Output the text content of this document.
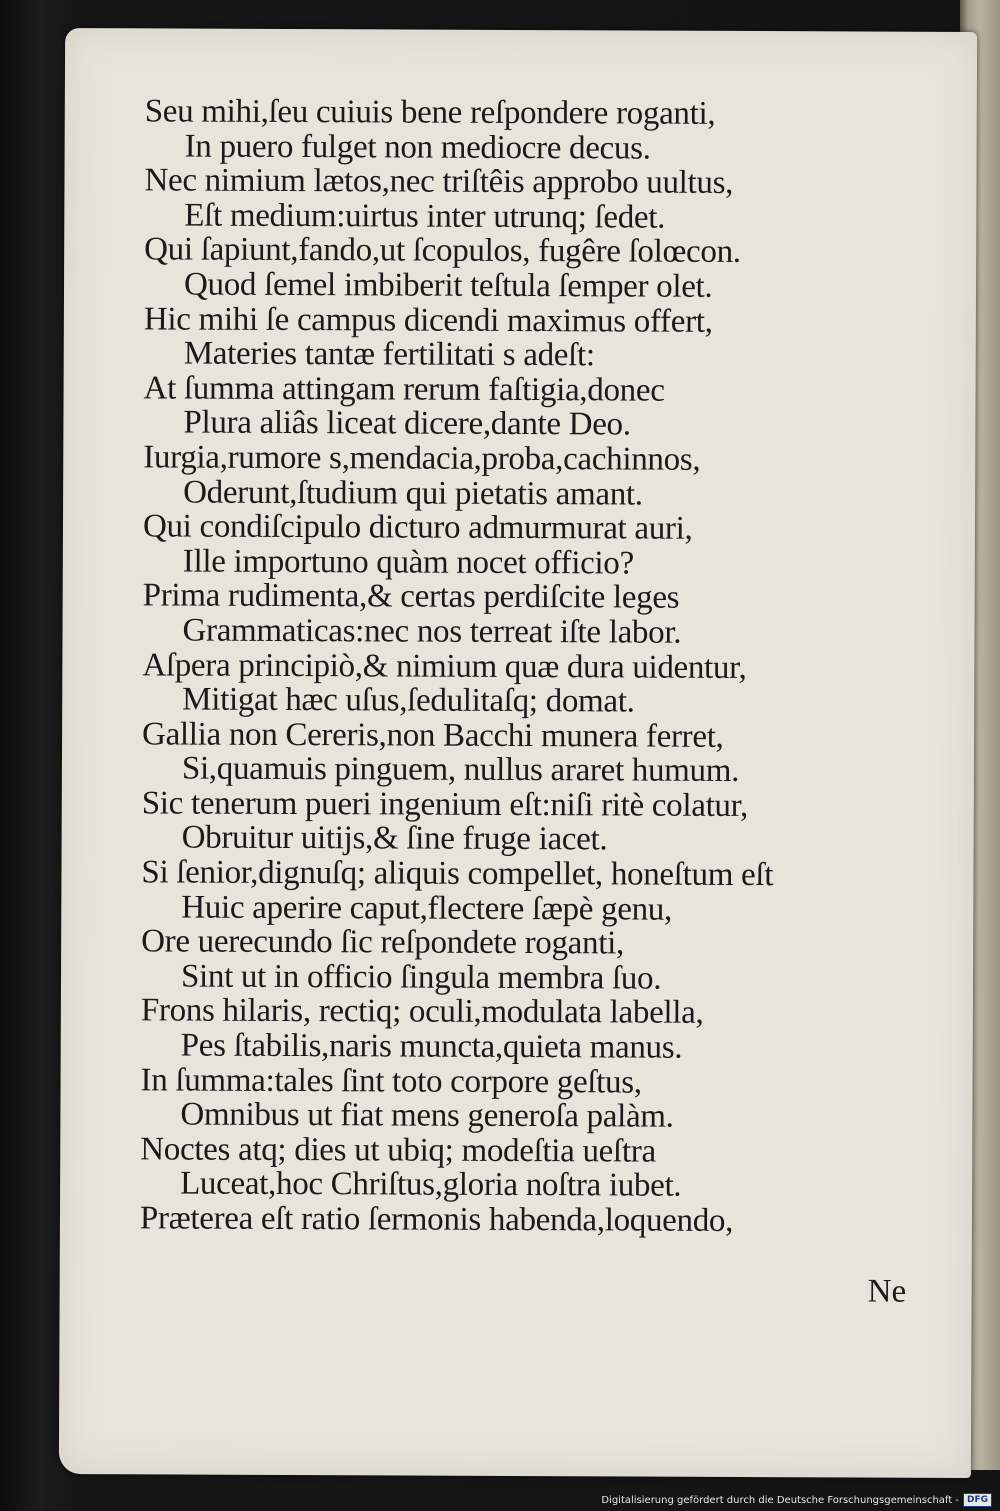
Seu mihi,ſeu cuiuis bene reſpondere roganti,
In puero fulget non mediocre decus.
Nec nimium lætos,nec triſtêis approbo uultus,
Eſt medium:uirtus inter utrunq; ſedet.
Qui ſapiunt,fando,ut ſcopulos, fugêre ſolœcon.
Quod ſemel imbiberit teſtula ſemper olet.
Hic mihi ſe campus dicendi maximus offert,
Materies tantæ fertilitati s adeſt:
At ſumma attingam rerum faſtigia,donec
Plura aliâs liceat dicere,dante Deo.
Iurgia,rumore s,mendacia,proba,cachinnos,
Oderunt,ſtudium qui pietatis amant.
Qui condiſcipulo dicturo admurmurat auri,
Ille importuno quàm nocet officio?
Prima rudimenta,& certas perdiſcite leges
Grammaticas:nec nos terreat iſte labor.
Aſpera principiò,& nimium quæ dura uidentur,
Mitigat hæc uſus,ſedulitaſq; domat.
Gallia non Cereris,non Bacchi munera ferret,
Si,quamuis pinguem, nullus araret humum.
Sic tenerum pueri ingenium eſt:niſi ritè colatur,
Obruitur uitijs,& ſine fruge iacet.
Si ſenior,dignuſq; aliquis compellet, honeſtum eſt
Huic aperire caput,flectere ſæpè genu,
Ore uerecundo ſic reſpondete roganti,
Sint ut in officio ſingula membra ſuo.
Frons hilaris, rectiq; oculi,modulata labella,
Pes ſtabilis,naris muncta,quieta manus.
In ſumma:tales ſint toto corpore geſtus,
Omnibus ut fiat mens generoſa palàm.
Noctes atq; dies ut ubiq; modeſtia ueſtra
Luceat,hoc Chriſtus,gloria noſtra iubet.
Præterea eſt ratio ſermonis habenda,loquendo,
Ne
Digitalisierung gefördert durch die Deutsche Forschungsgemeinschaft - DFG
